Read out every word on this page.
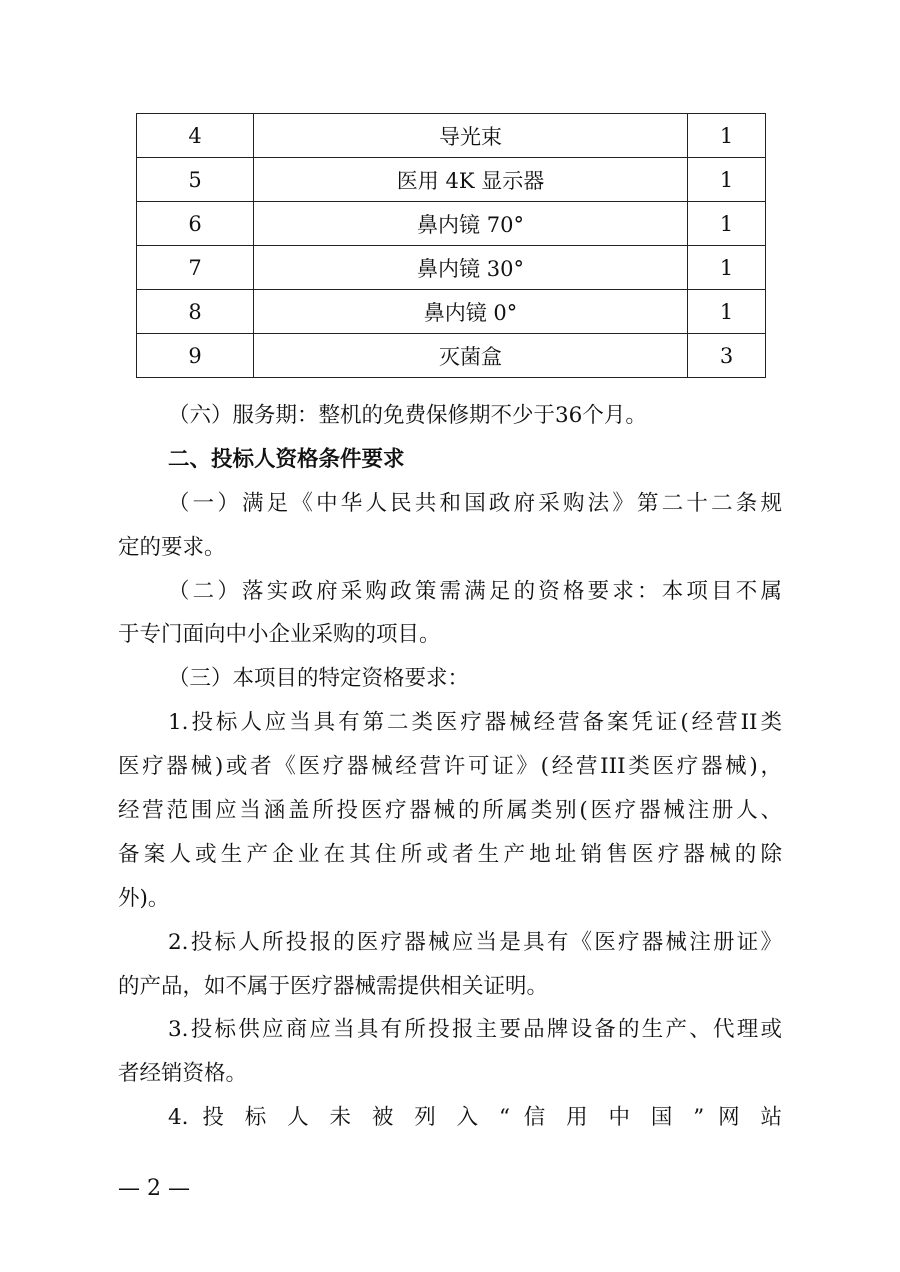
4	导光束	1
5	医用 4K 显示器	1
6	鼻内镜 70°	1
7	鼻内镜 30°	1
8	鼻内镜 0°	1
9	灭菌盒	3
（六）服务期：整机的免费保修期不少于36个月。
二、投标人资格条件要求
（一）满足《中华人民共和国政府采购法》第二十二条规
定的要求。
（二）落实政府采购政策需满足的资格要求：本项目不属
于专门面向中小企业采购的项目。
（三）本项目的特定资格要求：
1.投标人应当具有第二类医疗器械经营备案凭证(经营II类
医疗器械)或者《医疗器械经营许可证》(经营III类医疗器械)，
经营范围应当涵盖所投医疗器械的所属类别(医疗器械注册人、
备案人或生产企业在其住所或者生产地址销售医疗器械的除
外)。
2.投标人所投报的医疗器械应当是具有《医疗器械注册证》
的产品，如不属于医疗器械需提供相关证明。
3.投标供应商应当具有所投报主要品牌设备的生产、代理或
者经销资格。
4. 投 标 人 未 被 列 入 “ 信 用 中 国 ” 网 站
— 2 —
